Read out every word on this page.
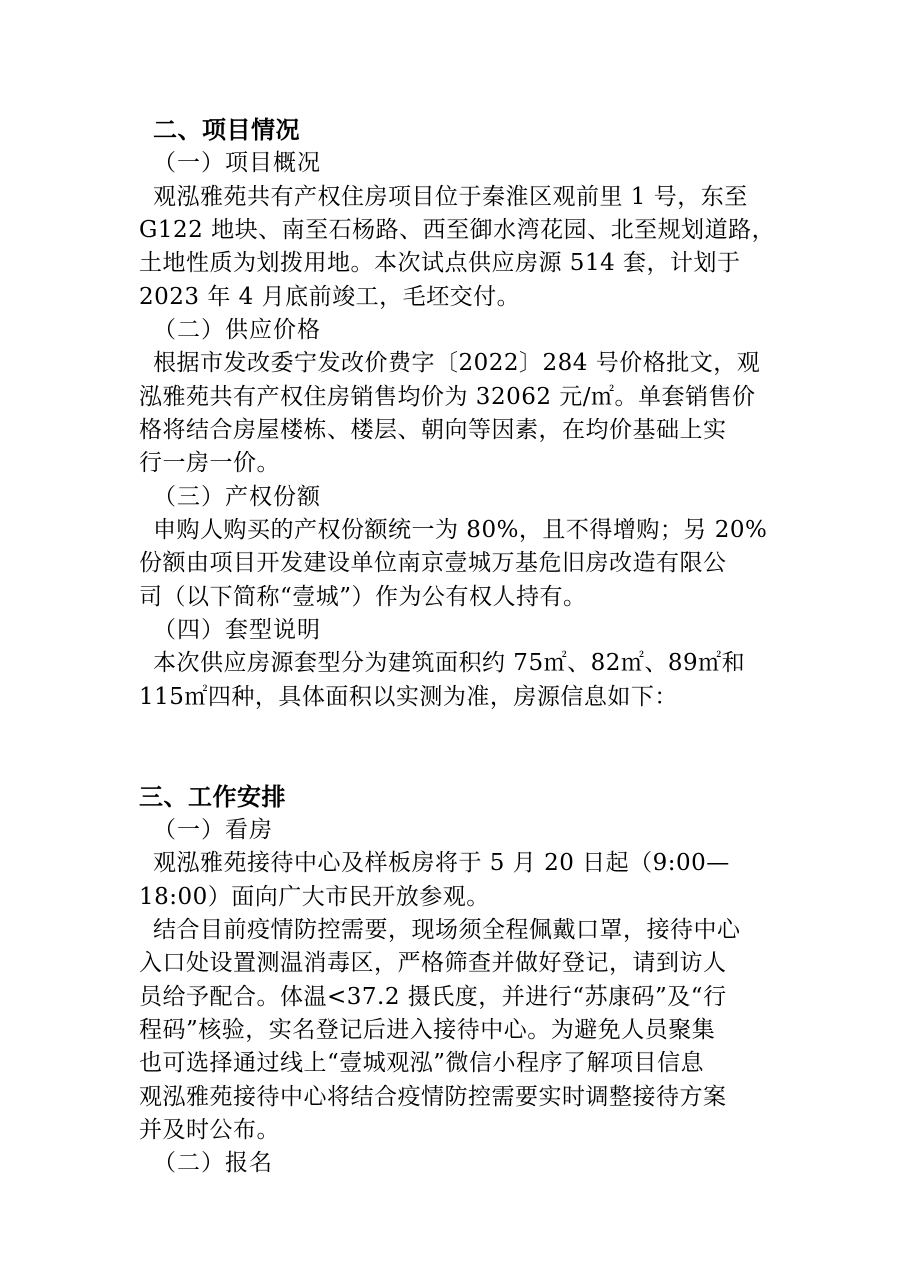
二、项目情况
（一）项目概况
观泓雅苑共有产权住房项目位于秦淮区观前里 1 号，东至
G122 地块、南至石杨路、西至御水湾花园、北至规划道路，
土地性质为划拨用地。本次试点供应房源 514 套，计划于
2023 年 4 月底前竣工，毛坯交付。
（二）供应价格
根据市发改委宁发改价费字〔2022〕284 号价格批文，观
泓雅苑共有产权住房销售均价为 32062 元/㎡。单套销售价
格将结合房屋楼栋、楼层、朝向等因素，在均价基础上实
行一房一价。
（三）产权份额
申购人购买的产权份额统一为 80%，且不得增购；另 20%
份额由项目开发建设单位南京壹城万基危旧房改造有限公
司（以下简称“壹城”）作为公有权人持有。
（四）套型说明
本次供应房源套型分为建筑面积约 75㎡、82㎡、89㎡和
115㎡四种，具体面积以实测为准，房源信息如下：
三、工作安排
（一）看房
观泓雅苑接待中心及样板房将于 5 月 20 日起（9:00—
18:00）面向广大市民开放参观。
结合目前疫情防控需要，现场须全程佩戴口罩，接待中心
入口处设置测温消毒区，严格筛查并做好登记，请到访人
员给予配合。体温<37.2 摄氏度，并进行“苏康码”及“行
程码”核验，实名登记后进入接待中心。为避免人员聚集
也可选择通过线上“壹城观泓”微信小程序了解项目信息
观泓雅苑接待中心将结合疫情防控需要实时调整接待方案
并及时公布。
（二）报名
